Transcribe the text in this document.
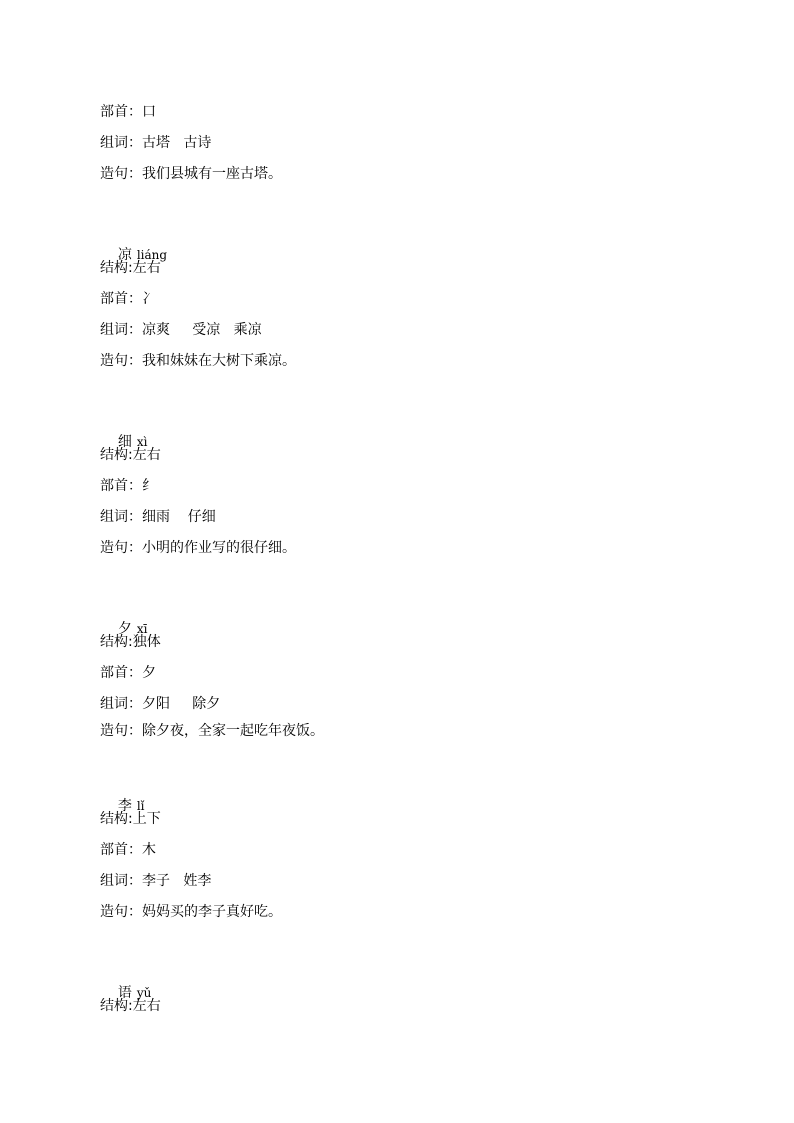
部首：口
组词：古塔   古诗
造句：我们县城有一座古塔。

凉 liáng

结构:左右
部首：冫
组词：凉爽     受凉   乘凉
造句：我和妹妹在大树下乘凉。

细 xì

结构:左右
部首：纟
组词：细雨    仔细
造句：小明的作业写的很仔细。

夕 xī

结构:独体
部首：夕
组词：夕阳     除夕
造句：除夕夜，全家一起吃年夜饭。

李 lǐ

结构:上下
部首：木
组词：李子   姓李
造句：妈妈买的李子真好吃。

语 yǔ

结构:左右
